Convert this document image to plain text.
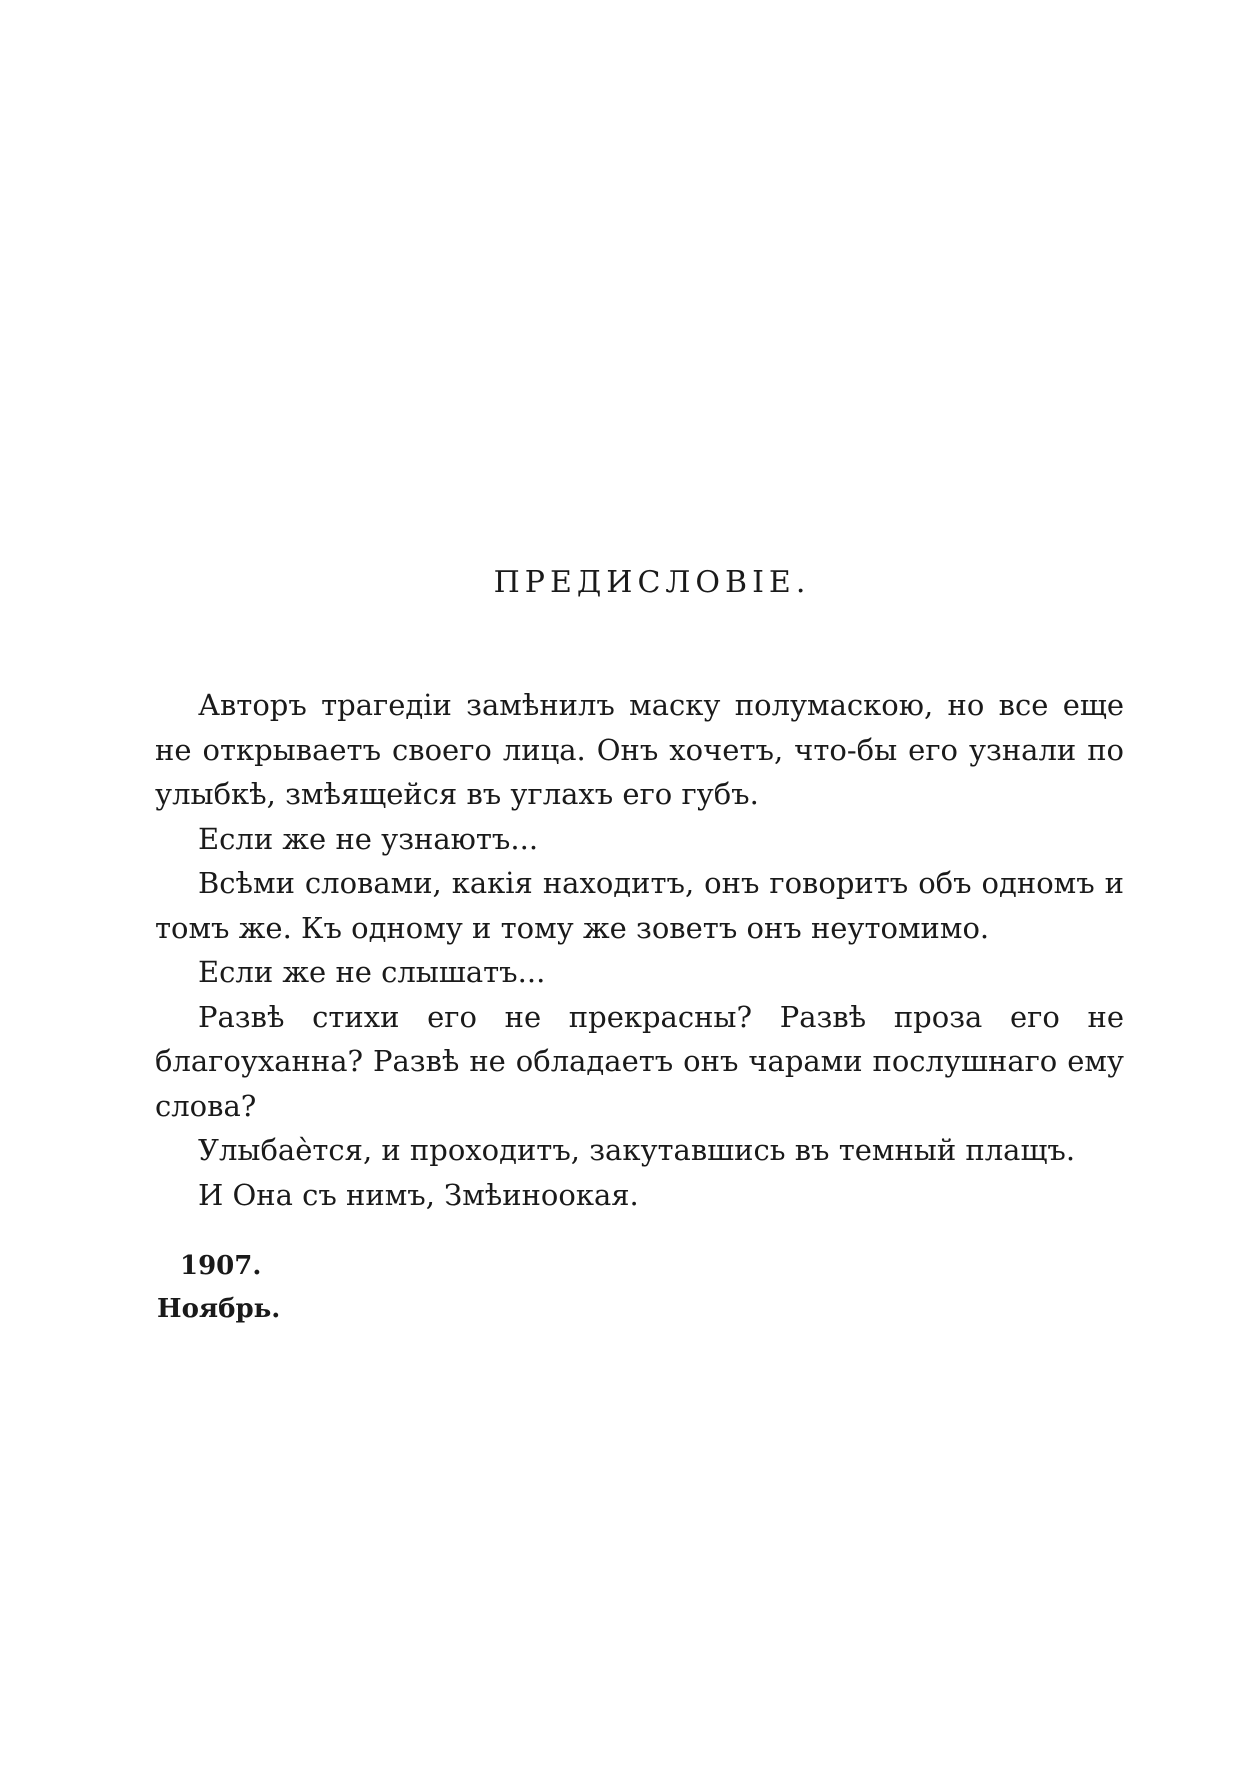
ПРЕДИСЛОВІЕ.

Авторъ трагедіи замѣнилъ маску полумаскою, но все еще не открываетъ своего лица. Онъ хочетъ, что-бы его узнали по улыбкѣ, змѣящейся въ углахъ его губъ.

Если же не узнаютъ...

Всѣми словами, какія находитъ, онъ говоритъ объ одномъ и томъ же. Къ одному и тому же зоветъ онъ неутомимо.

Если же не слышатъ...

Развѣ стихи его не прекрасны? Развѣ проза его не благоуханна? Развѣ не обладаетъ онъ чарами послушнаго ему слова?

Улыбаѐтся, и проходитъ, закутавшись въ темный плащъ.

И Она съ нимъ, Змѣиноокая.

1907.
Ноябрь.
